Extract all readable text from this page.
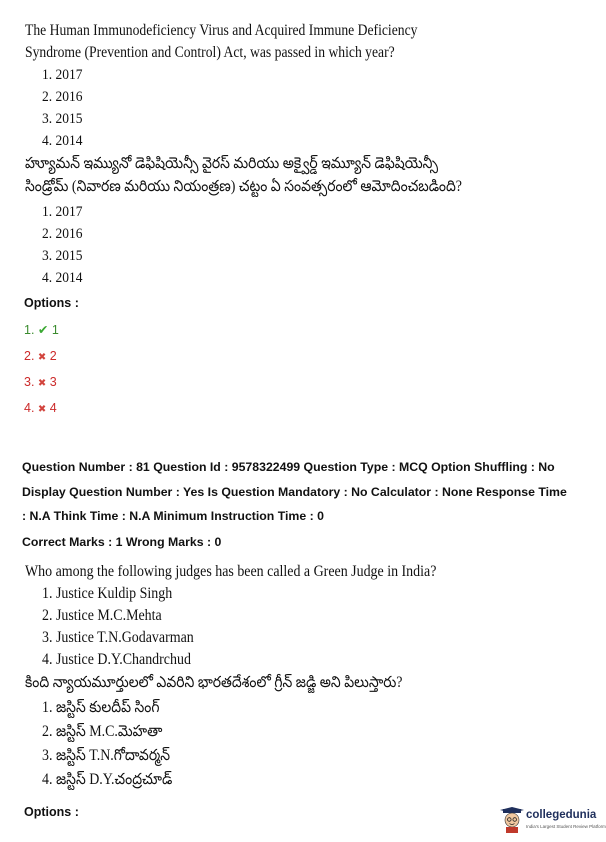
The Human Immunodeficiency Virus and Acquired Immune Deficiency Syndrome (Prevention and Control) Act, was passed in which year?
1. 2017
2. 2016
3. 2015
4. 2014
హ్యూమన్ ఇమ్యునో డెఫిషియెన్సీ వైరస్ మరియు అక్వైర్డ్ ఇమ్యూన్ డెఫిషియెన్సీ
సిండ్రోమ్ (నివారణ మరియు నియంత్రణ) చట్టం ఏ సంవత్సరంలో ఆమోదించబడింది?
1. 2017
2. 2016
3. 2015
4. 2014
Options :
1. ✔ 1
2. ✖ 2
3. ✖ 3
4. ✖ 4
Question Number : 81 Question Id : 9578322499 Question Type : MCQ Option Shuffling : No
Display Question Number : Yes Is Question Mandatory : No Calculator : None Response Time
: N.A Think Time : N.A Minimum Instruction Time : 0
Correct Marks : 1 Wrong Marks : 0
Who among the following judges has been called a Green Judge in India?
1. Justice Kuldip Singh
2. Justice M.C.Mehta
3. Justice T.N.Godavarman
4. Justice D.Y.Chandrchud
కింది న్యాయమూర్తులలో ఎవరిని భారతదేశంలో గ్రీన్ జడ్జి అని పిలుస్తారు?
1. జస్టిస్ కులదీప్ సింగ్
2. జస్టిస్ M.C.మెహతా
3. జస్టిస్ T.N.గోదావర్మన్
4. జస్టిస్ D.Y.చంద్రచూడ్
Options :	collegedunia
India's Largest Student Review Platform
